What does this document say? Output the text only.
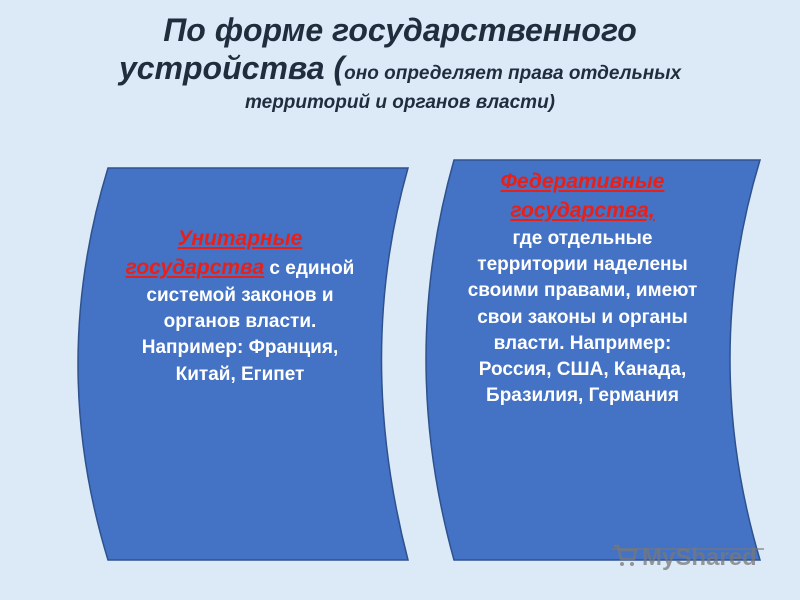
По форме государственного
устройства (оно определяет права отдельных
территорий и органов власти)
Унитарные государства с единой системой законов и органов власти. Например: Франция, Китай, Египет
Федеративные государства,
где отдельные территории наделены своими правами, имеют свои законы и органы власти. Например: Россия, США, Канада, Бразилия, Германия
MyShared
